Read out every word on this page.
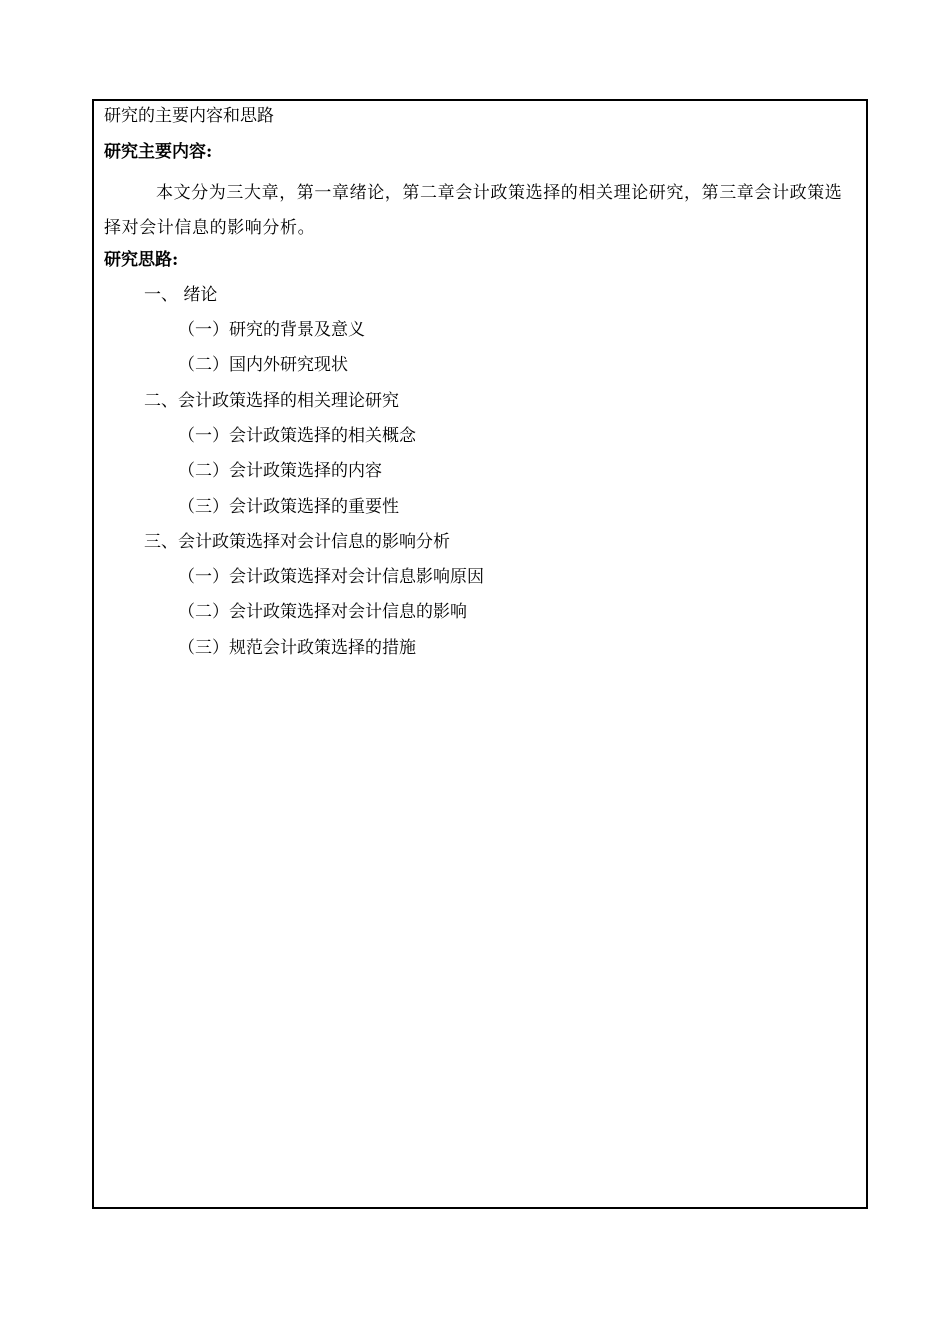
研究的主要内容和思路
研究主要内容:
本文分为三大章，第一章绪论，第二章会计政策选择的相关理论研究，第三章会计政策选择对会计信息的影响分析。
研究思路:
一、 绪论
（一）研究的背景及意义
（二）国内外研究现状
二、会计政策选择的相关理论研究
（一）会计政策选择的相关概念
（二）会计政策选择的内容
（三）会计政策选择的重要性
三、会计政策选择对会计信息的影响分析
（一）会计政策选择对会计信息影响原因
（二）会计政策选择对会计信息的影响
（三）规范会计政策选择的措施
